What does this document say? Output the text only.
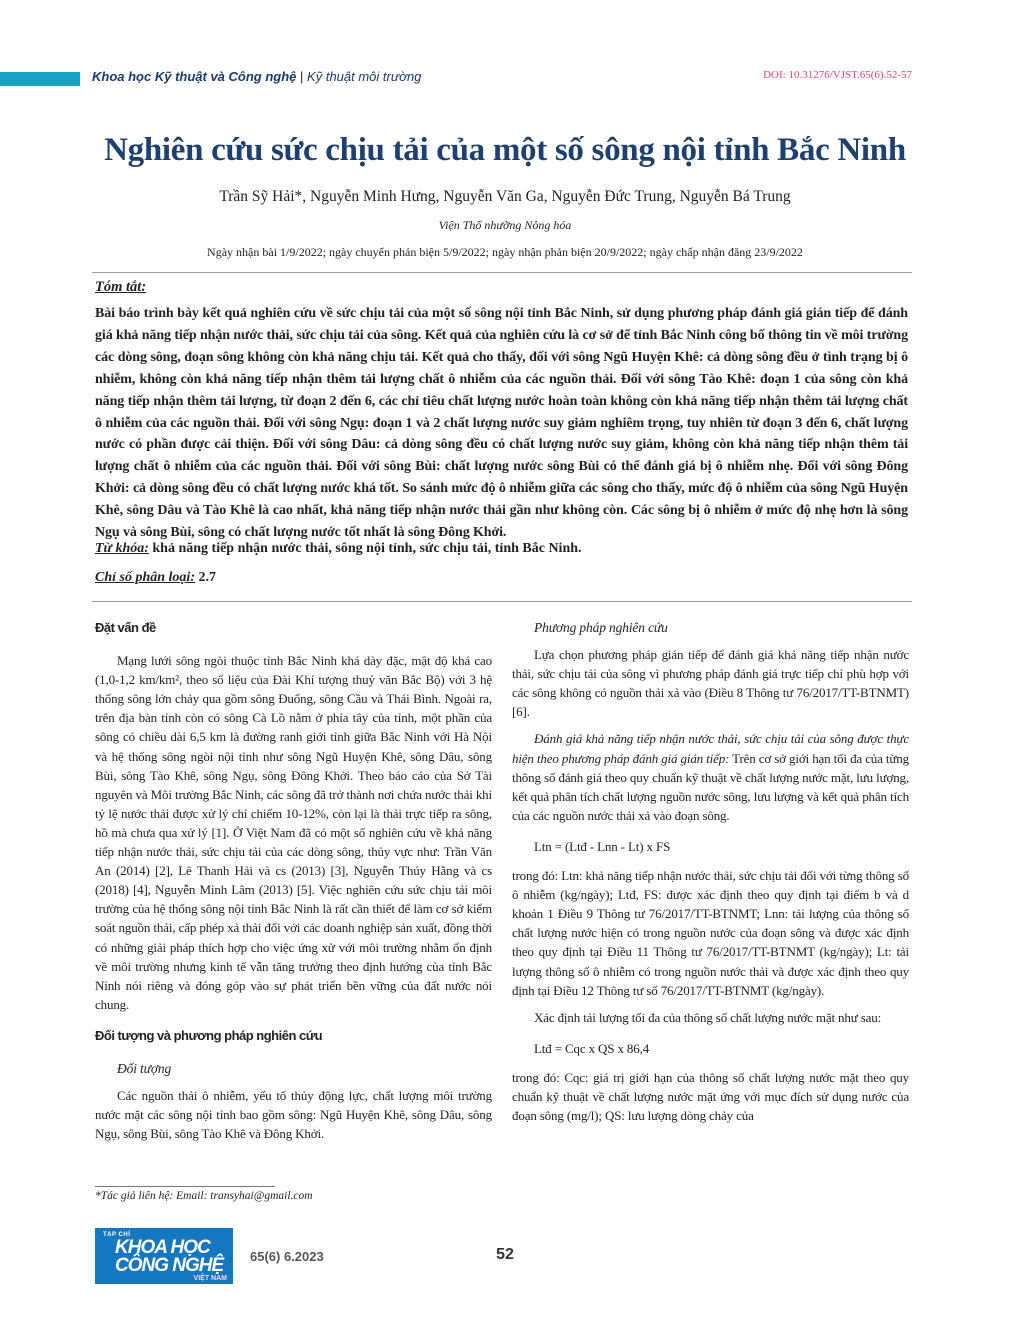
Khoa học Kỹ thuật và Công nghệ | Kỹ thuật môi trường	DOI: 10.31276/VJST.65(6).52-57
Nghiên cứu sức chịu tải của một số sông nội tỉnh Bắc Ninh
Trần Sỹ Hải*, Nguyễn Minh Hưng, Nguyễn Văn Ga, Nguyễn Đức Trung, Nguyễn Bá Trung
Viện Thổ nhưỡng Nông hóa
Ngày nhận bài 1/9/2022; ngày chuyển phản biện 5/9/2022; ngày nhận phản biện 20/9/2022; ngày chấp nhận đăng 23/9/2022
Tóm tắt:
Bài báo trình bày kết quả nghiên cứu về sức chịu tải của một số sông nội tỉnh Bắc Ninh, sử dụng phương pháp đánh giá gián tiếp để đánh giá khả năng tiếp nhận nước thải, sức chịu tải của sông. Kết quả của nghiên cứu là cơ sở để tỉnh Bắc Ninh công bố thông tin về môi trường các dòng sông, đoạn sông không còn khả năng chịu tải. Kết quả cho thấy, đối với sông Ngũ Huyện Khê: cả dòng sông đều ở tình trạng bị ô nhiễm, không còn khả năng tiếp nhận thêm tải lượng chất ô nhiễm của các nguồn thải. Đối với sông Tào Khê: đoạn 1 của sông còn khả năng tiếp nhận thêm tải lượng, từ đoạn 2 đến 6, các chỉ tiêu chất lượng nước hoàn toàn không còn khả năng tiếp nhận thêm tải lượng chất ô nhiễm của các nguồn thải. Đối với sông Ngụ: đoạn 1 và 2 chất lượng nước suy giảm nghiêm trọng, tuy nhiên từ đoạn 3 đến 6, chất lượng nước có phần được cải thiện. Đối với sông Dâu: cả dòng sông đều có chất lượng nước suy giảm, không còn khả năng tiếp nhận thêm tải lượng chất ô nhiễm của các nguồn thải. Đối với sông Bùi: chất lượng nước sông Bùi có thể đánh giá bị ô nhiễm nhẹ. Đối với sông Đông Khởi: cả dòng sông đều có chất lượng nước khá tốt. So sánh mức độ ô nhiễm giữa các sông cho thấy, mức độ ô nhiễm của sông Ngũ Huyện Khê, sông Dâu và Tào Khê là cao nhất, khả năng tiếp nhận nước thải gần như không còn. Các sông bị ô nhiễm ở mức độ nhẹ hơn là sông Ngụ và sông Bùi, sông có chất lượng nước tốt nhất là sông Đông Khởi.
Từ khóa: khả năng tiếp nhận nước thải, sông nội tỉnh, sức chịu tải, tỉnh Bắc Ninh.
Chỉ số phân loại: 2.7
Đặt vấn đề

Mạng lưới sông ngòi thuộc tỉnh Bắc Ninh khá dày đặc, mật độ khá cao (1,0-1,2 km/km², theo số liệu của Đài Khí tượng thuỷ văn Bắc Bộ) với 3 hệ thống sông lớn chảy qua gồm sông Đuống, sông Cầu và Thái Bình. Ngoài ra, trên địa bàn tỉnh còn có sông Cà Lồ nằm ở phía tây của tỉnh, một phần của sông có chiều dài 6,5 km là đường ranh giới tỉnh giữa Bắc Ninh với Hà Nội và hệ thống sông ngòi nội tỉnh như sông Ngũ Huyện Khê, sông Dâu, sông Bùi, sông Tào Khê, sông Ngụ, sông Đông Khởi. Theo báo cáo của Sở Tài nguyên và Môi trường Bắc Ninh, các sông đã trở thành nơi chứa nước thải khi tỷ lệ nước thải được xử lý chỉ chiếm 10-12%, còn lại là thải trực tiếp ra sông, hồ mà chưa qua xử lý [1]. Ở Việt Nam đã có một số nghiên cứu về khả năng tiếp nhận nước thải, sức chịu tải của các dòng sông, thủy vực như: Trần Văn An (2014) [2], Lê Thanh Hải và cs (2013) [3], Nguyễn Thúy Hằng và cs (2018) [4], Nguyễn Minh Lâm (2013) [5]. Việc nghiên cứu sức chịu tải môi trường của hệ thống sông nội tỉnh Bắc Ninh là rất cần thiết để làm cơ sở kiểm soát nguồn thải, cấp phép xả thải đối với các doanh nghiệp sản xuất, đồng thời có những giải pháp thích hợp cho việc ứng xử với môi trường nhằm ổn định về môi trường nhưng kinh tế vẫn tăng trưởng theo định hướng của tỉnh Bắc Ninh nói riêng và đóng góp vào sự phát triển bền vững của đất nước nói chung.

Đối tượng và phương pháp nghiên cứu
Đối tượng

Các nguồn thải ô nhiễm, yếu tố thủy động lực, chất lượng môi trường nước mặt các sông nội tỉnh bao gồm sông: Ngũ Huyện Khê, sông Dâu, sông Ngụ, sông Bùi, sông Tào Khê và Đông Khởi.

Phương pháp nghiên cứu

Lựa chọn phương pháp gián tiếp để đánh giá khả năng tiếp nhận nước thải, sức chịu tải của sông vì phương pháp đánh giá trực tiếp chỉ phù hợp với các sông không có nguồn thải xả vào (Điều 8 Thông tư 76/2017/TT-BTNMT) [6].

Đánh giá khả năng tiếp nhận nước thải, sức chịu tải của sông được thực hiện theo phương pháp đánh giá gián tiếp: Trên cơ sở giới hạn tối đa của từng thông số đánh giá theo quy chuẩn kỹ thuật về chất lượng nước mặt, lưu lượng, kết quả phân tích chất lượng nguồn nước sông, lưu lượng và kết quả phân tích của các nguồn nước thải xả vào đoạn sông.

Ltn = (Ltđ - Lnn - Lt) x FS

trong đó: Ltn: khả năng tiếp nhận nước thải, sức chịu tải đối với từng thông số ô nhiễm (kg/ngày); Ltđ, FS: được xác định theo quy định tại điểm b và d khoản 1 Điều 9 Thông tư 76/2017/TT-BTNMT; Lnn: tải lượng của thông số chất lượng nước hiện có trong nguồn nước của đoạn sông và được xác định theo quy định tại Điều 11 Thông tư 76/2017/TT-BTNMT (kg/ngày); Lt: tải lượng thông số ô nhiễm có trong nguồn nước thải và được xác định theo quy định tại Điều 12 Thông tư số 76/2017/TT-BTNMT (kg/ngày).

Xác định tải lượng tối đa của thông số chất lượng nước mặt như sau:

Ltđ = Cqc x QS x 86,4

trong đó: Cqc: giá trị giới hạn của thông số chất lượng nước mặt theo quy chuẩn kỹ thuật về chất lượng nước mặt ứng với mục đích sử dụng nước của đoạn sông (mg/l); QS: lưu lượng dòng chảy của

*Tác giả liên hệ: Email: transyhai@gmail.com
TẠP CHÍ
KHOA HỌC
CÔNG NGHỆ
VIỆT NAM
65(6) 6.2023	52
